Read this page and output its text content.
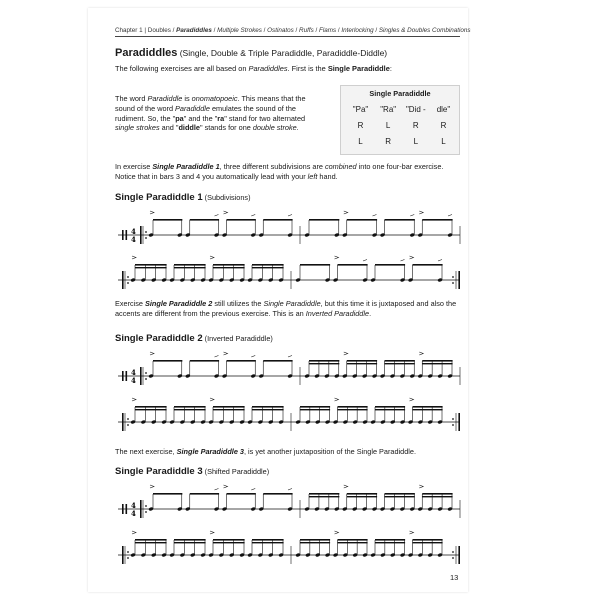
Chapter 1 | Doubles / Paradiddles / Multiple Strokes / Ostinatos / Ruffs / Flams / Interlocking / Singles & Doubles Combinations
Paradiddles (Single, Double & Triple Paradiddle, Paradiddle-Diddle)
The following exercises are all based on Paradiddles. First is the Single Paradiddle:
The word Paradiddle is onomatopoeic. This means that the sound of the word Paradiddle emulates the sound of the rudiment. So, the "pa" and the "ra" stand for two alternated single strokes and "diddle" stands for one double stroke.
Single Paradiddle
"Pa"	"Ra"	"Did -	dle"
R	L	R	R
L	R	L	L
In exercise Single Paradiddle 1, three different subdivisions are combined into one four-bar exercise. Notice that in bars 3 and 4 you automatically lead with your left hand.
Single Paradiddle 1 (Subdivisions)
4
4
Exercise Single Paradiddle 2 still utilizes the Single Paradiddle, but this time it is juxtaposed and also the accents are different from the previous exercise. This is an Inverted Paradiddle.
Single Paradiddle 2 (Inverted Paradiddle)
4
4
The next exercise, Single Paradiddle 3, is yet another juxtaposition of the Single Paradiddle.
Single Paradiddle 3 (Shifted Paradiddle)
4
4
13
